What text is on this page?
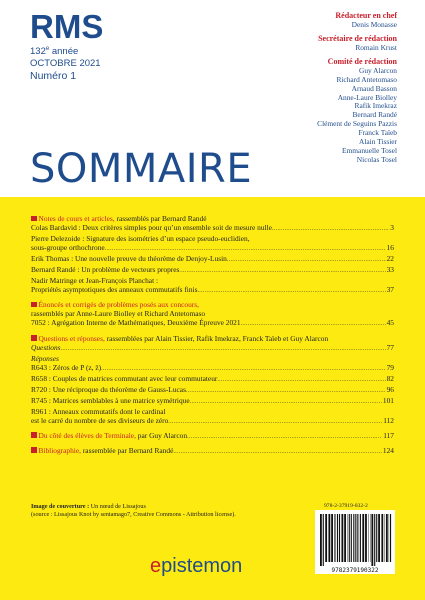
RMS
132e année
OCTOBRE 2021
Numéro 1
Rédacteur en chef
Denis Monasse
Secrétaire de rédaction
Romain Krust
Comité de rédaction
Guy Alarcon
Richard Antetomaso
Arnaud Basson
Anne-Laure Biolley
Rafik Imekraz
Bernard Randé
Clément de Seguins Pazzis
Franck Taïeb
Alain Tissier
Emmanuelle Tosel
Nicolas Tosel
SOMMAIRE
Notes de cours et articles, rassemblés par Bernard Randé
Colas Bardavid : Deux critères simples pour qu’un ensemble soit de mesure nulle .....	3
Pierre Delezoide : Signature des isométries d’un espace pseudo-euclidien,
sous-groupe orthochrone .....	16
Erik Thomas : Une nouvelle preuve du théorème de Denjoy-Lusin .....	22
Bernard Randé : Un problème de vecteurs propres .....	33
Nadir Matringe et Jean-François Planchat :
Propriétés asymptotiques des anneaux commutatifs finis .....	37
Énoncés et corrigés de problèmes posés aux concours,
rassemblés par Anne-Laure Biolley et Richard Antetomaso
7052 : Agrégation Interne de Mathématiques, Deuxième Épreuve 2021 .....	45
Questions et réponses, rassemblées par Alain Tissier, Rafik Imekraz, Franck Taïeb et Guy Alarcon
Questions .....	77
Réponses
R643 : Zéros de P (z, z̄) .....	79
R658 : Couples de matrices commutant avec leur commutateur .....	82
R720 : Une réciproque du théorème de Gauss-Lucas .....	96
R745 : Matrices semblables à une matrice symétrique .....	101
R961 : Anneaux commutatifs dont le cardinal
est le carré du nombre de ses diviseurs de zéro .....	112
Du côté des élèves de Terminale, par Guy Alarcon .....	117
Bibliographie, rassemblée par Bernard Randé .....	124
Image de couverture : Un nœud de Lissajous
(source : Lissajous Knot by sentamago7, Creative Commons - Attribution license).
978-2-37919-032-2
9782379190322
epistemon
